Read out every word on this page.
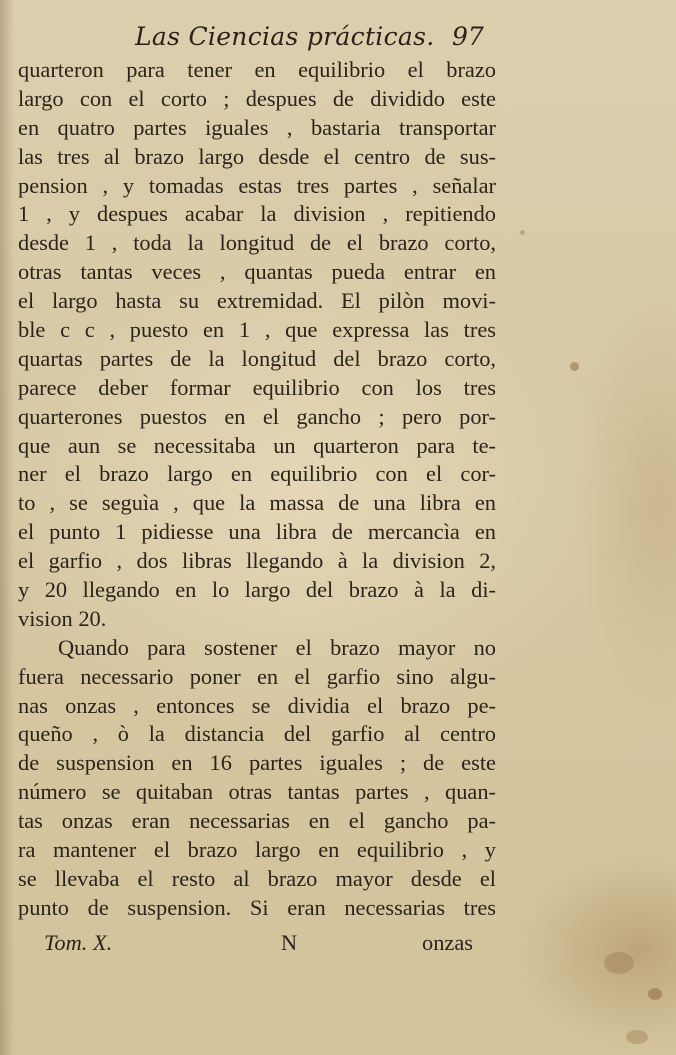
Las Ciencias prácticas. 97
quarteron para tener en equilibrio el brazo
largo con el corto ; despues de dividido este
en quatro partes iguales , bastaria transportar
las tres al brazo largo desde el centro de sus-
pension , y tomadas estas tres partes , señalar
1 , y despues acabar la division , repitiendo
desde 1 , toda la longitud de el brazo corto,
otras tantas veces , quantas pueda entrar en
el largo hasta su extremidad. El pilòn movi-
ble c c , puesto en 1 , que expressa las tres
quartas partes de la longitud del brazo corto,
parece deber formar equilibrio con los tres
quarterones puestos en el gancho ; pero por-
que aun se necessitaba un quarteron para te-
ner el brazo largo en equilibrio con el cor-
to , se seguìa , que la massa de una libra en
el punto 1 pidiesse una libra de mercancìa en
el garfio , dos libras llegando à la division 2,
y 20 llegando en lo largo del brazo à la di-
vision 20.
Quando para sostener el brazo mayor no
fuera necessario poner en el garfio sino algu-
nas onzas , entonces se dividia el brazo pe-
queño , ò la distancia del garfio al centro
de suspension en 16 partes iguales ; de este
número se quitaban otras tantas partes , quan-
tas onzas eran necessarias en el gancho pa-
ra mantener el brazo largo en equilibrio , y
se llevaba el resto al brazo mayor desde el
punto de suspension. Si eran necessarias tres
Tom. X.	N	onzas
